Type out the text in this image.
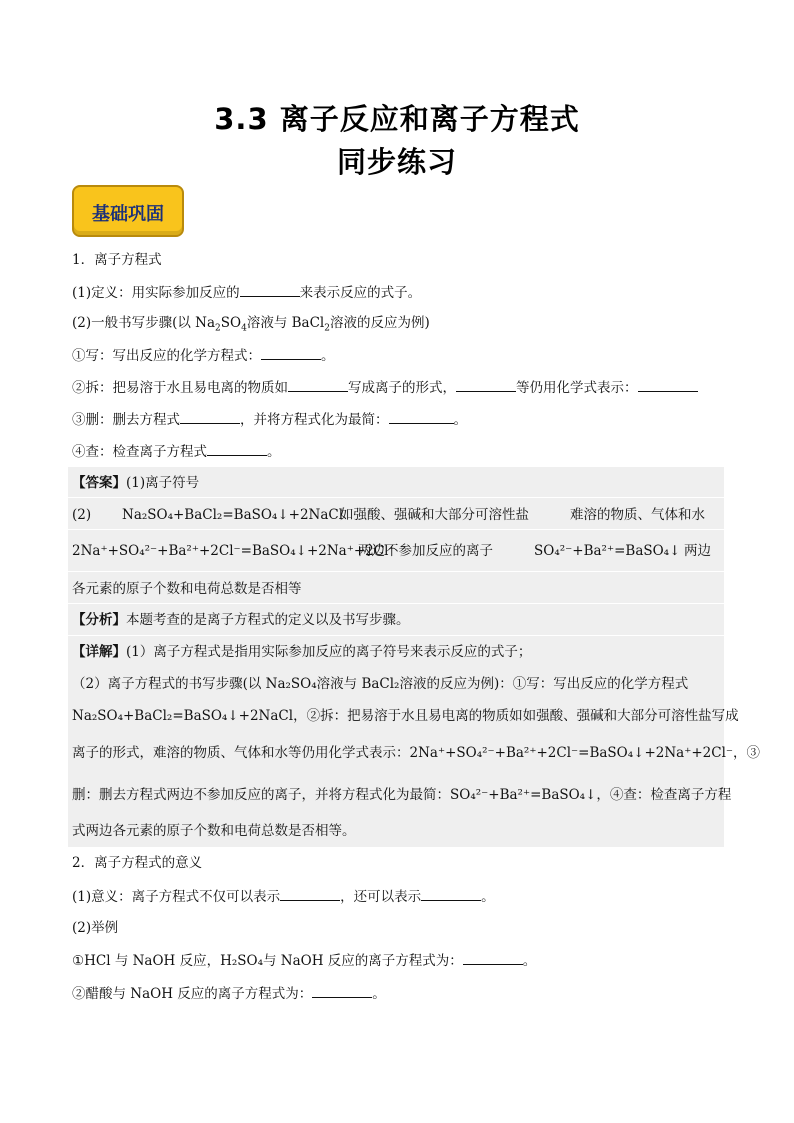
3.3 离子反应和离子方程式
同步练习
基础巩固
1．离子方程式
(1)定义：用实际参加反应的	来表示反应的式子。
(2)一般书写步骤(以 $Na_2SO_4$溶液与 BaCl$_2$溶液的反应为例)
①写：写出反应的化学方程式：	。
②拆：把易溶于水且易电离的物质如	写成离子的形式，	等仍用化学式表示：
③删：删去方程式	，并将方程式化为最简：	。
④查：检查离子方程式	。
【答案】(1)离子符号
(2) Na₂SO₄+BaCl₂=BaSO₄↓+2NaCl
如强酸、强碱和大部分可溶性盐	难溶的物质、气体和水
2Na⁺+SO₄²⁻+Ba²⁺+2Cl⁻=BaSO₄↓+2Na⁺+2Cl⁻
两边不参加反应的离子	SO₄²⁻+Ba²⁺=BaSO₄↓ 两边
各元素的原子个数和电荷总数是否相等
【分析】本题考查的是离子方程式的定义以及书写步骤。
【详解】(1）离子方程式是指用实际参加反应的离子符号来表示反应的式子；
（2）离子方程式的书写步骤(以 Na₂SO₄溶液与 BaCl₂溶液的反应为例)：①写：写出反应的化学方程式
Na₂SO₄+BaCl₂=BaSO₄↓+2NaCl，②拆：把易溶于水且易电离的物质如如强酸、强碱和大部分可溶性盐写成
离子的形式，难溶的物质、气体和水等仍用化学式表示：2Na⁺+SO₄²⁻+Ba²⁺+2Cl⁻=BaSO₄↓+2Na⁺+2Cl⁻，③
删：删去方程式两边不参加反应的离子，并将方程式化为最简：SO₄²⁻+Ba²⁺=BaSO₄↓，④查：检查离子方程
式两边各元素的原子个数和电荷总数是否相等。
2．离子方程式的意义
(1)意义：离子方程式不仅可以表示	，还可以表示	。
(2)举例
①HCl 与 NaOH 反应，H₂SO₄与 NaOH 反应的离子方程式为：	。
②醋酸与 NaOH 反应的离子方程式为：	。
